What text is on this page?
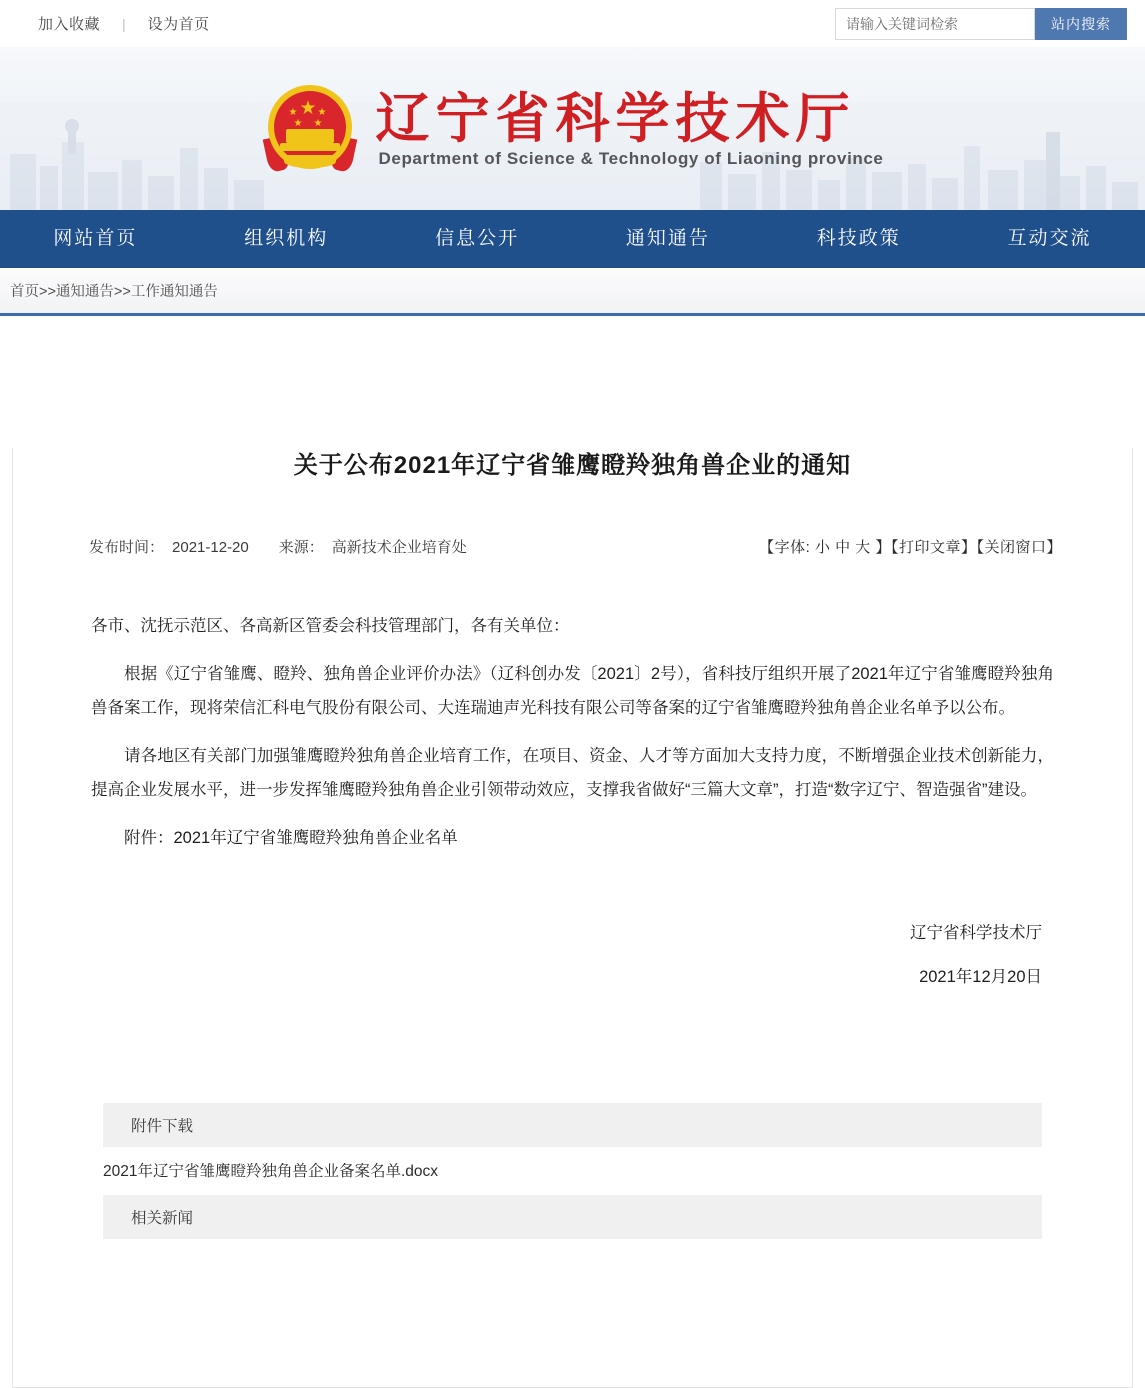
加入收藏 | 设为首页
请输入关键词检索	站内搜索
★
★ ★
★ ★ 辽宁省科学技术厅
Department of Science & Technology of Liaoning province
网站首页	组织机构	信息公开	通知通告	科技政策	互动交流
首页>>通知通告>>工作通知通告
关于公布2021年辽宁省雏鹰瞪羚独角兽企业的通知
发布时间： 2021-12-20 来源： 高新技术企业培育处	【字体: 小 中 大 】【打印文章】【关闭窗口】

各市、沈抚示范区、各高新区管委会科技管理部门，各有关单位：

根据《辽宁省雏鹰、瞪羚、独角兽企业评价办法》（辽科创办发〔2021〕2号），省科技厅组织开展了2021年辽宁省雏鹰瞪羚独角兽备案工作，现将荣信汇科电气股份有限公司、大连瑞迪声光科技有限公司等备案的辽宁省雏鹰瞪羚独角兽企业名单予以公布。

请各地区有关部门加强雏鹰瞪羚独角兽企业培育工作，在项目、资金、人才等方面加大支持力度，不断增强企业技术创新能力，提高企业发展水平，进一步发挥雏鹰瞪羚独角兽企业引领带动效应，支撑我省做好“三篇大文章”，打造“数字辽宁、智造强省”建设。

附件：2021年辽宁省雏鹰瞪羚独角兽企业名单

辽宁省科学技术厅
2021年12月20日
附件下载
2021年辽宁省雏鹰瞪羚独角兽企业备案名单.docx
相关新闻
